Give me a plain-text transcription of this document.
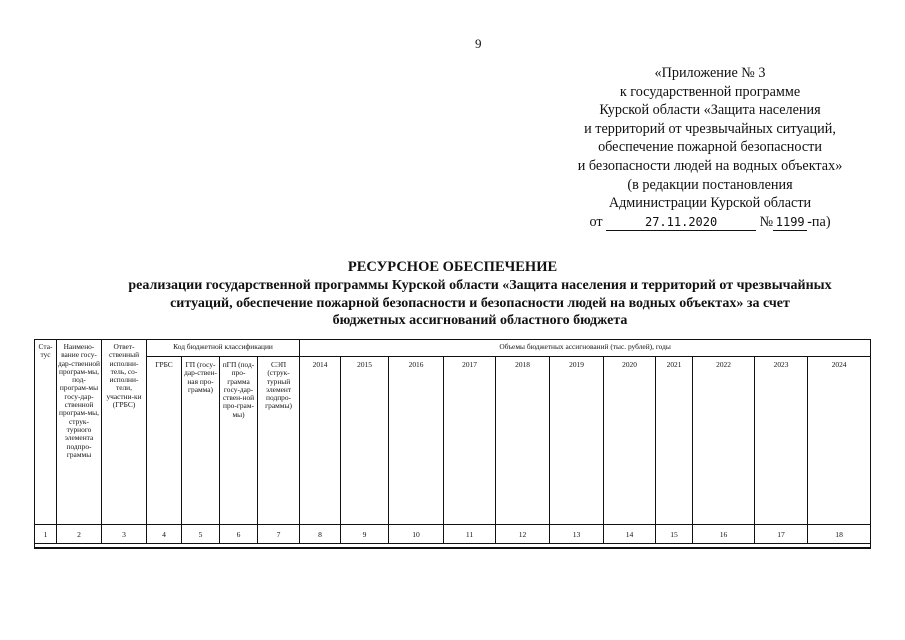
9
«Приложение № 3
к государственной программе
Курской области «Защита населения
и территорий от чрезвычайных ситуаций,
обеспечение пожарной безопасности
и безопасности людей на водных объектах»
(в редакции постановления
Администрации Курской области
от	27.11.2020	№ 1199 -па)
РЕСУРСНОЕ ОБЕСПЕЧЕНИЕ
реализации государственной программы Курской области «Защита населения и территорий от чрезвычайных
ситуаций, обеспечение пожарной безопасности и безопасности людей на водных объектах» за счет
бюджетных ассигнований областного бюджета
Ста-тус	Наимено-вание госу-дар-ственной програм-мы, под-програм-мы госу-дар-ственной програм-мы, струк-турного элемента подпро-граммы	Ответ-ственный исполни-тель, со-исполни-тели, участни-ки (ГРБС)	Код бюджетной классификации				Объемы бюджетных ассигнований (тыс. рублей), годы										
			ГРБС	ГП (госу-дар-ствен-ная про-грамма)	пГП (под-про-грамма госу-дар-ствен-ной про-грам-мы)	СЭП (струк-турный элемент подпро-граммы)	2014	2015	2016	2017	2018	2019	2020	2021	2022	2023	2024
1	2	3	4	5	6	7	8	9	10	11	12	13	14	15	16	17	18
